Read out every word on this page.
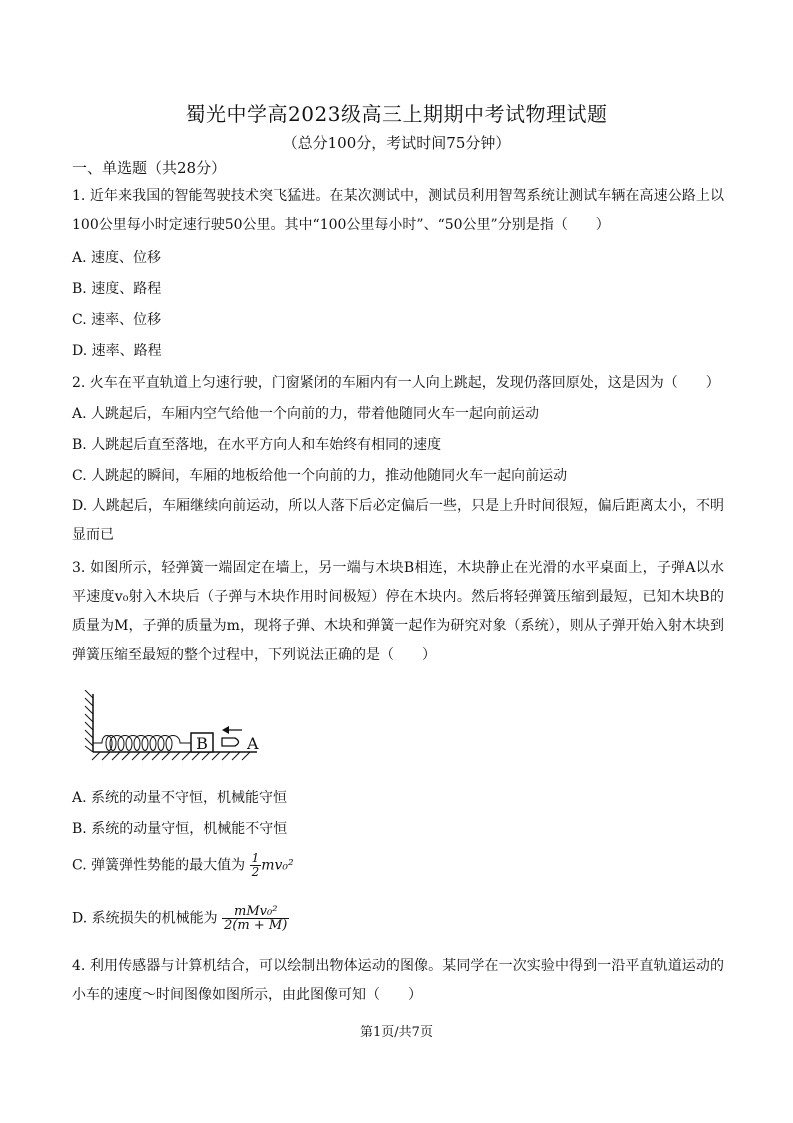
蜀光中学高2023级高三上期期中考试物理试题
（总分100分，考试时间75分钟）
一、单选题（共28分）
1. 近年来我国的智能驾驶技术突飞猛进。在某次测试中，测试员利用智驾系统让测试车辆在高速公路上以100公里每小时定速行驶50公里。其中“100公里每小时”、“50公里”分别是指（　　）
A. 速度、位移
B. 速度、路程
C. 速率、位移
D. 速率、路程
2. 火车在平直轨道上匀速行驶，门窗紧闭的车厢内有一人向上跳起，发现仍落回原处，这是因为（　　）
A. 人跳起后，车厢内空气给他一个向前的力，带着他随同火车一起向前运动
B. 人跳起后直至落地，在水平方向人和车始终有相同的速度
C. 人跳起的瞬间，车厢的地板给他一个向前的力，推动他随同火车一起向前运动
D. 人跳起后，车厢继续向前运动，所以人落下后必定偏后一些，只是上升时间很短，偏后距离太小，不明显而已
3. 如图所示，轻弹簧一端固定在墙上，另一端与木块B相连，木块静止在光滑的水平桌面上，子弹A以水平速度v₀射入木块后（子弹与木块作用时间极短）停在木块内。然后将轻弹簧压缩到最短，已知木块B的质量为M，子弹的质量为m，现将子弹、木块和弹簧一起作为研究对象（系统），则从子弹开始入射木块到弹簧压缩至最短的整个过程中，下列说法正确的是（　　）
B A
A. 系统的动量不守恒，机械能守恒
B. 系统的动量守恒，机械能不守恒
C. 弹簧弹性势能的最大值为 $\frac{1}{2} mv_0^2$
D. 系统损失的机械能为 $\frac{\text{mMv₀²}}{2(m + M)}$
4. 利用传感器与计算机结合，可以绘制出物体运动的图像。某同学在一次实验中得到一沿平直轨道运动的小车的速度～时间图像如图所示，由此图像可知（　　）
第1页/共7页
